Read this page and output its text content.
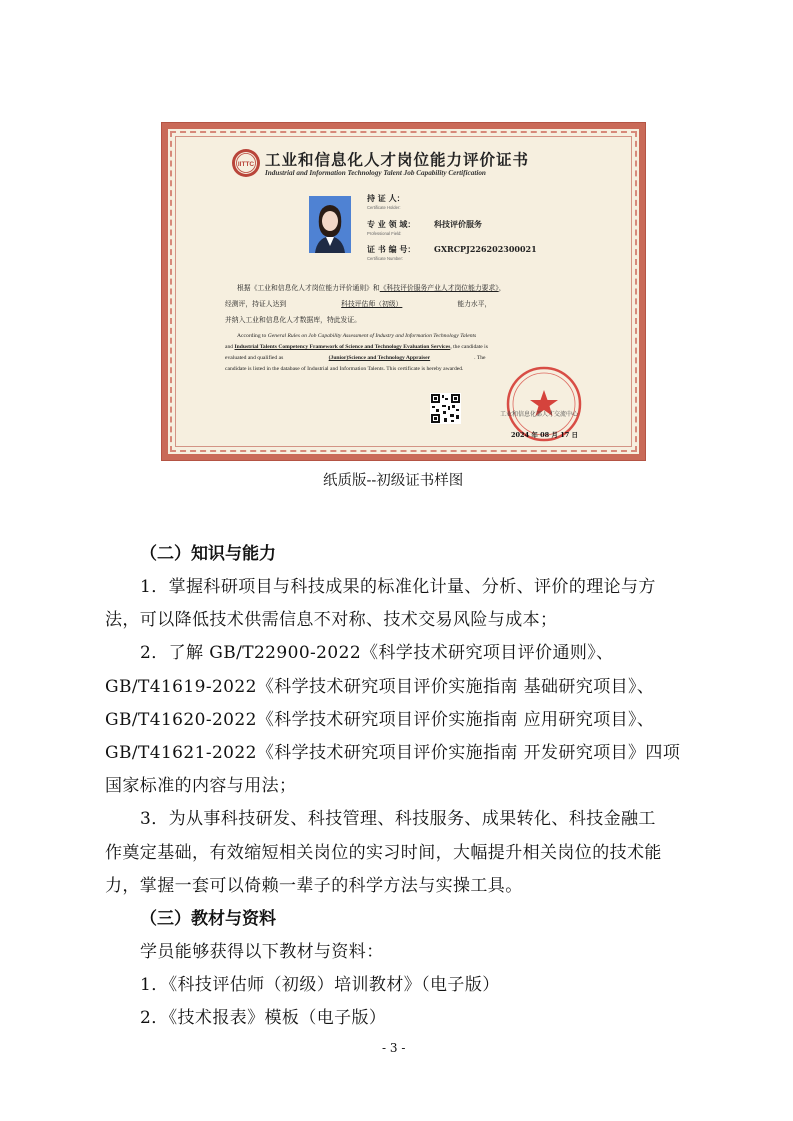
IITTC 工业和信息化人才岗位能力评价证书
Industrial and Information Technology Talent Job Capability Certification
持 证 人：
Certificate Holder:
专 业 领 域： 科技评价服务
Professional Field:
证 书 编 号： GXRCPJ226202300021
Certificate Number:
根据《工业和信息化人才岗位能力评价通则》和《科技评价服务产业人才岗位能力要求》，
经测评，持证人达到	科技评估师（初级）	能力水平，
并纳入工业和信息化人才数据库，特此发证。
According to General Rules on Job Capability Assessment of Industry and Information Technology Talents
and Industrial Talents Competency Framework of Science and Technology Evaluation Services, the candidate is
evaluated and qualified as	(Junior)Science and Technology Appraiser	. The
candidate is listed in the database of Industrial and Information Talents. This certificate is hereby awarded.
工业和信息化部人才交流中心
2024 年 08 月 17 日
纸质版--初级证书样图
（二）知识与能力
1．掌握科研项目与科技成果的标准化计量、分析、评价的理论与方
法，可以降低技术供需信息不对称、技术交易风险与成本；
2．了解 GB/T22900-2022《科学技术研究项目评价通则》、
GB/T41619-2022《科学技术研究项目评价实施指南 基础研究项目》、
GB/T41620-2022《科学技术研究项目评价实施指南 应用研究项目》、
GB/T41621-2022《科学技术研究项目评价实施指南 开发研究项目》四项
国家标准的内容与用法；
3．为从事科技研发、科技管理、科技服务、成果转化、科技金融工
作奠定基础，有效缩短相关岗位的实习时间，大幅提升相关岗位的技术能
力，掌握一套可以倚赖一辈子的科学方法与实操工具。
（三）教材与资料
学员能够获得以下教材与资料：
1．《科技评估师（初级）培训教材》（电子版）
2．《技术报表》模板（电子版）
- 3 -
